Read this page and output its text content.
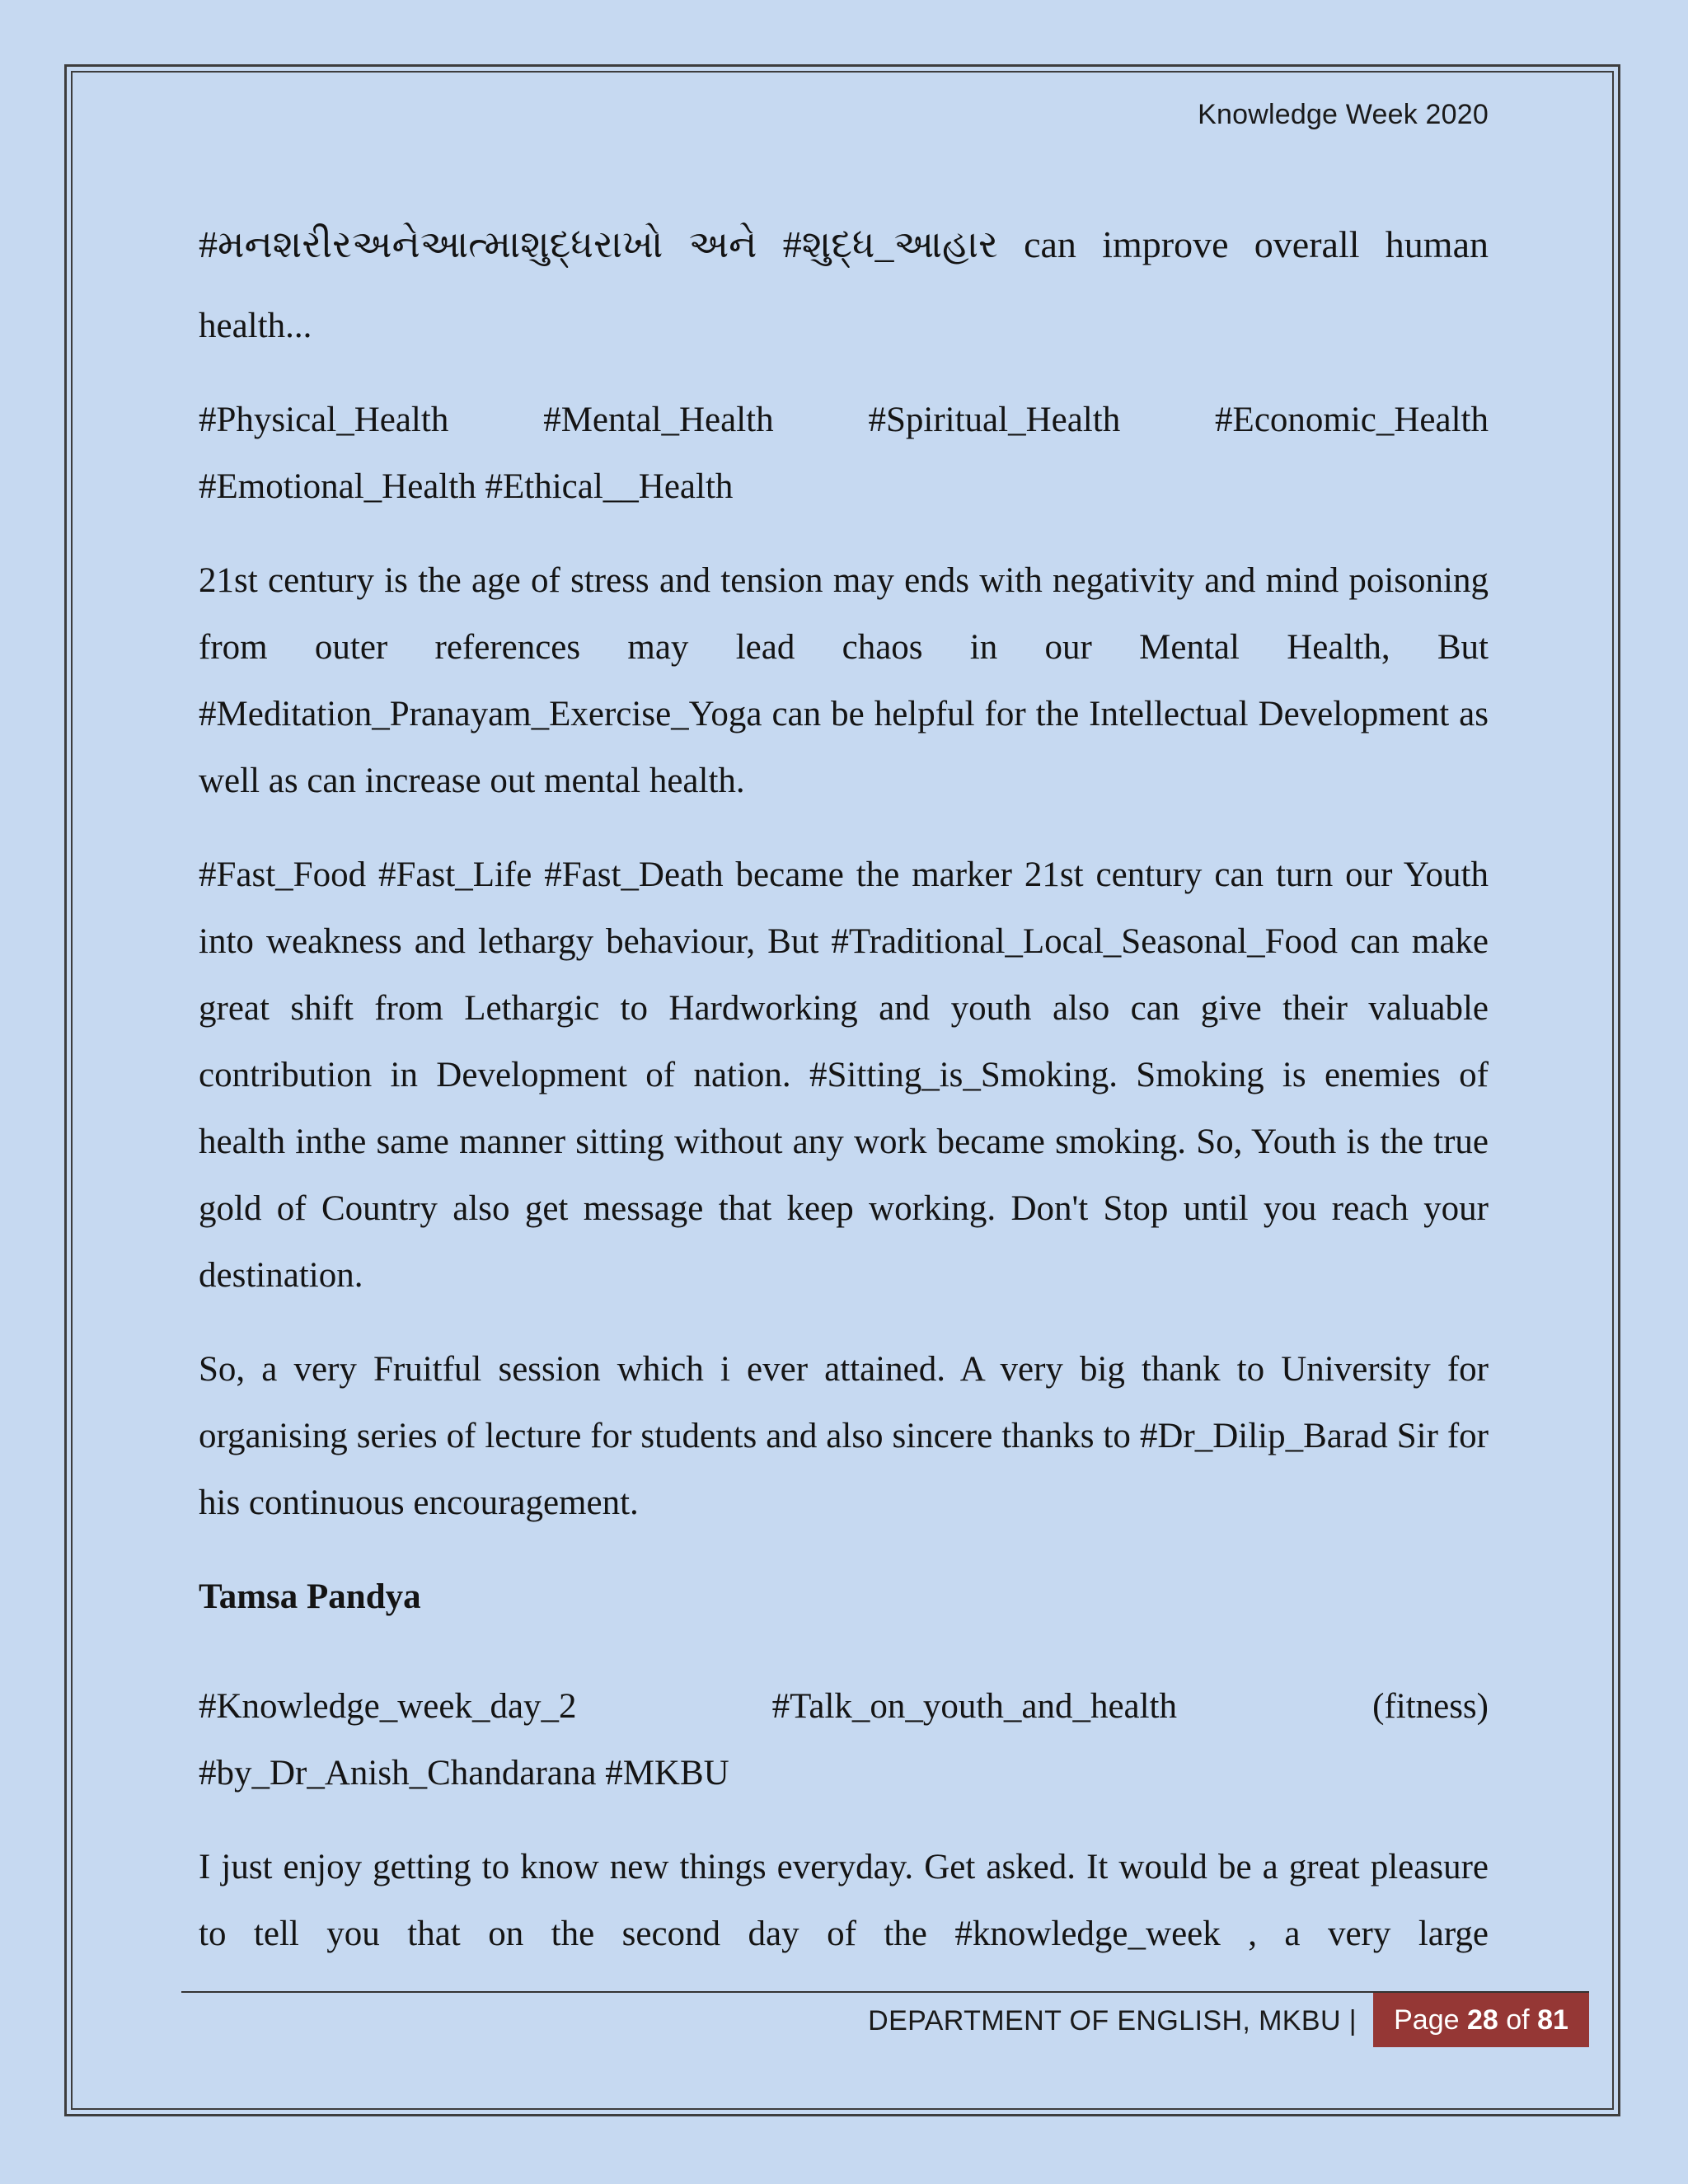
Knowledge Week 2020

#મનશરીરઅનેઆત્માશુદ્ધરાખો અને #શુદ્ધ_આહાર can improve overall human

health...

#Physical_Health #Mental_Health #Spiritual_Health #Economic_Health #Emotional_Health #Ethical__Health

21st century is the age of stress and tension may ends with negativity and mind poisoning from outer references may lead chaos in our Mental Health, But #Meditation_Pranayam_Exercise_Yoga can be helpful for the Intellectual Development as well as can increase out mental health.

#Fast_Food #Fast_Life #Fast_Death became the marker 21st century can turn our Youth into weakness and lethargy behaviour, But #Traditional_Local_Seasonal_Food can make great shift from Lethargic to Hardworking and youth also can give their valuable contribution in Development of nation. #Sitting_is_Smoking. Smoking is enemies of health inthe same manner sitting without any work became smoking. So, Youth is the true gold of Country also get message that keep working. Don't Stop until you reach your destination.

So, a very Fruitful session which i ever attained. A very big thank to University for organising series of lecture for students and also sincere thanks to #Dr_Dilip_Barad Sir for his continuous encouragement.

Tamsa Pandya

#Knowledge_week_day_2 #Talk_on_youth_and_health (fitness) #by_Dr_Anish_Chandarana #MKBU

I just enjoy getting to know new things everyday. Get asked. It would be a great pleasure to tell you that on the second day of the #knowledge_week , a very large

DEPARTMENT OF ENGLISH, MKBU |	Page 28 of 81
